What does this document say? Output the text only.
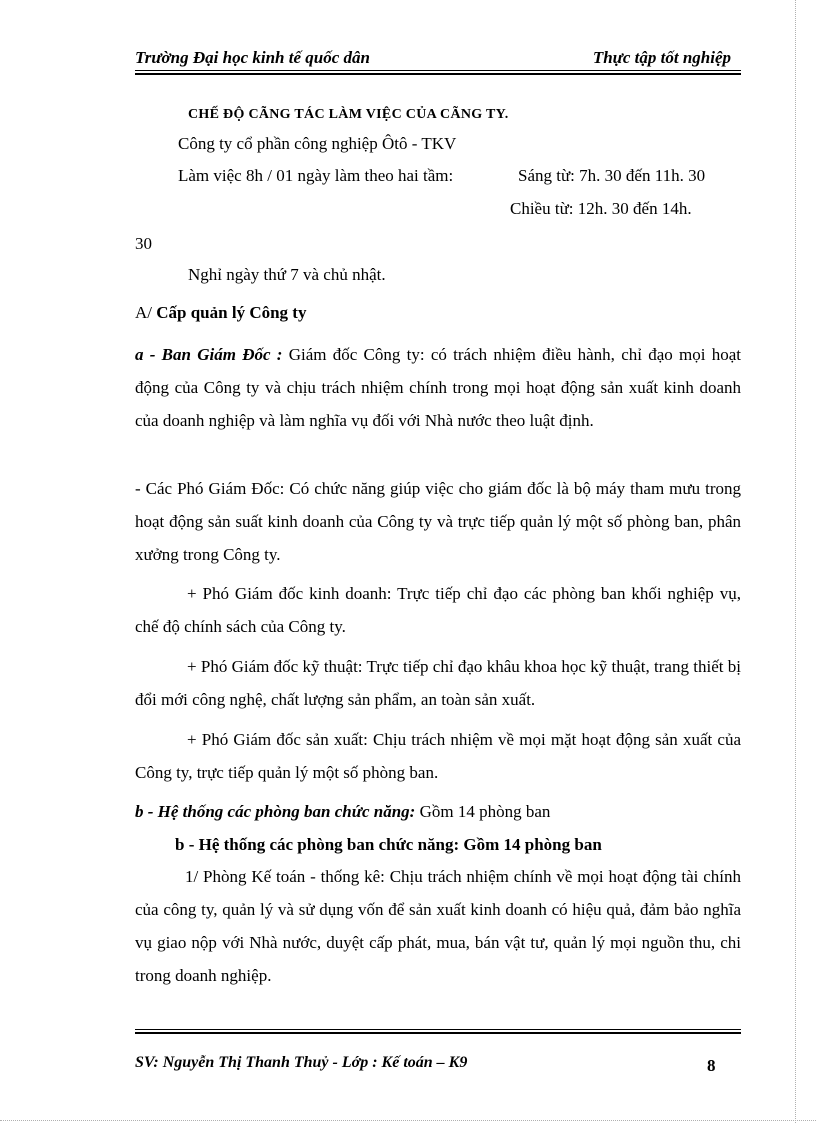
Trường Đại học kinh tế quốc dân	Thực tập tốt nghiệp
CHẾ ĐỘ CÃNG TÁC LÀM VIỆC CỦA CÃNG TY.
Công ty cổ phần công nghiệp Ôtô - TKV
Làm việc 8h / 01 ngày làm theo hai tầm:	Sáng từ: 7h. 30 đến 11h. 30
Chiều từ: 12h. 30 đến 14h.
30
Nghỉ ngày thứ 7 và chủ nhật.
A/ Cấp quản lý Công ty
a - Ban Giám Đốc : Giám đốc Công ty: có trách nhiệm điều hành, chỉ đạo mọi hoạt động của Công ty và chịu trách nhiệm chính trong mọi hoạt động sản xuất kinh doanh của doanh nghiệp và làm nghĩa vụ đối với Nhà nước theo luật định.
- Các Phó Giám Đốc: Có chức năng giúp việc cho giám đốc là bộ máy tham mưu trong hoạt động sản suất kinh doanh của Công ty và trực tiếp quản lý một số phòng ban, phân xưởng trong Công ty.
+ Phó Giám đốc kinh doanh: Trực tiếp chỉ đạo các phòng ban khối nghiệp vụ, chế độ chính sách của Công ty.
+ Phó Giám đốc kỹ thuật: Trực tiếp chỉ đạo khâu khoa học kỹ thuật, trang thiết bị đổi mới công nghệ, chất lượng sản phẩm, an toàn sản xuất.
+ Phó Giám đốc sản xuất: Chịu trách nhiệm về mọi mặt hoạt động sản xuất của Công ty, trực tiếp quản lý một số phòng ban.
b - Hệ thống các phòng ban chức năng: Gồm 14 phòng ban
b - Hệ thống các phòng ban chức năng: Gồm 14 phòng ban
1/ Phòng Kế toán - thống kê: Chịu trách nhiệm chính về mọi hoạt động tài chính của công ty, quản lý và sử dụng vốn để sản xuất kinh doanh có hiệu quả, đảm bảo nghĩa vụ giao nộp với Nhà nước, duyệt cấp phát, mua, bán vật tư, quản lý mọi nguồn thu, chi trong doanh nghiệp.
SV: Nguyễn Thị Thanh Thuỷ - Lớp : Kế toán – K9	8
